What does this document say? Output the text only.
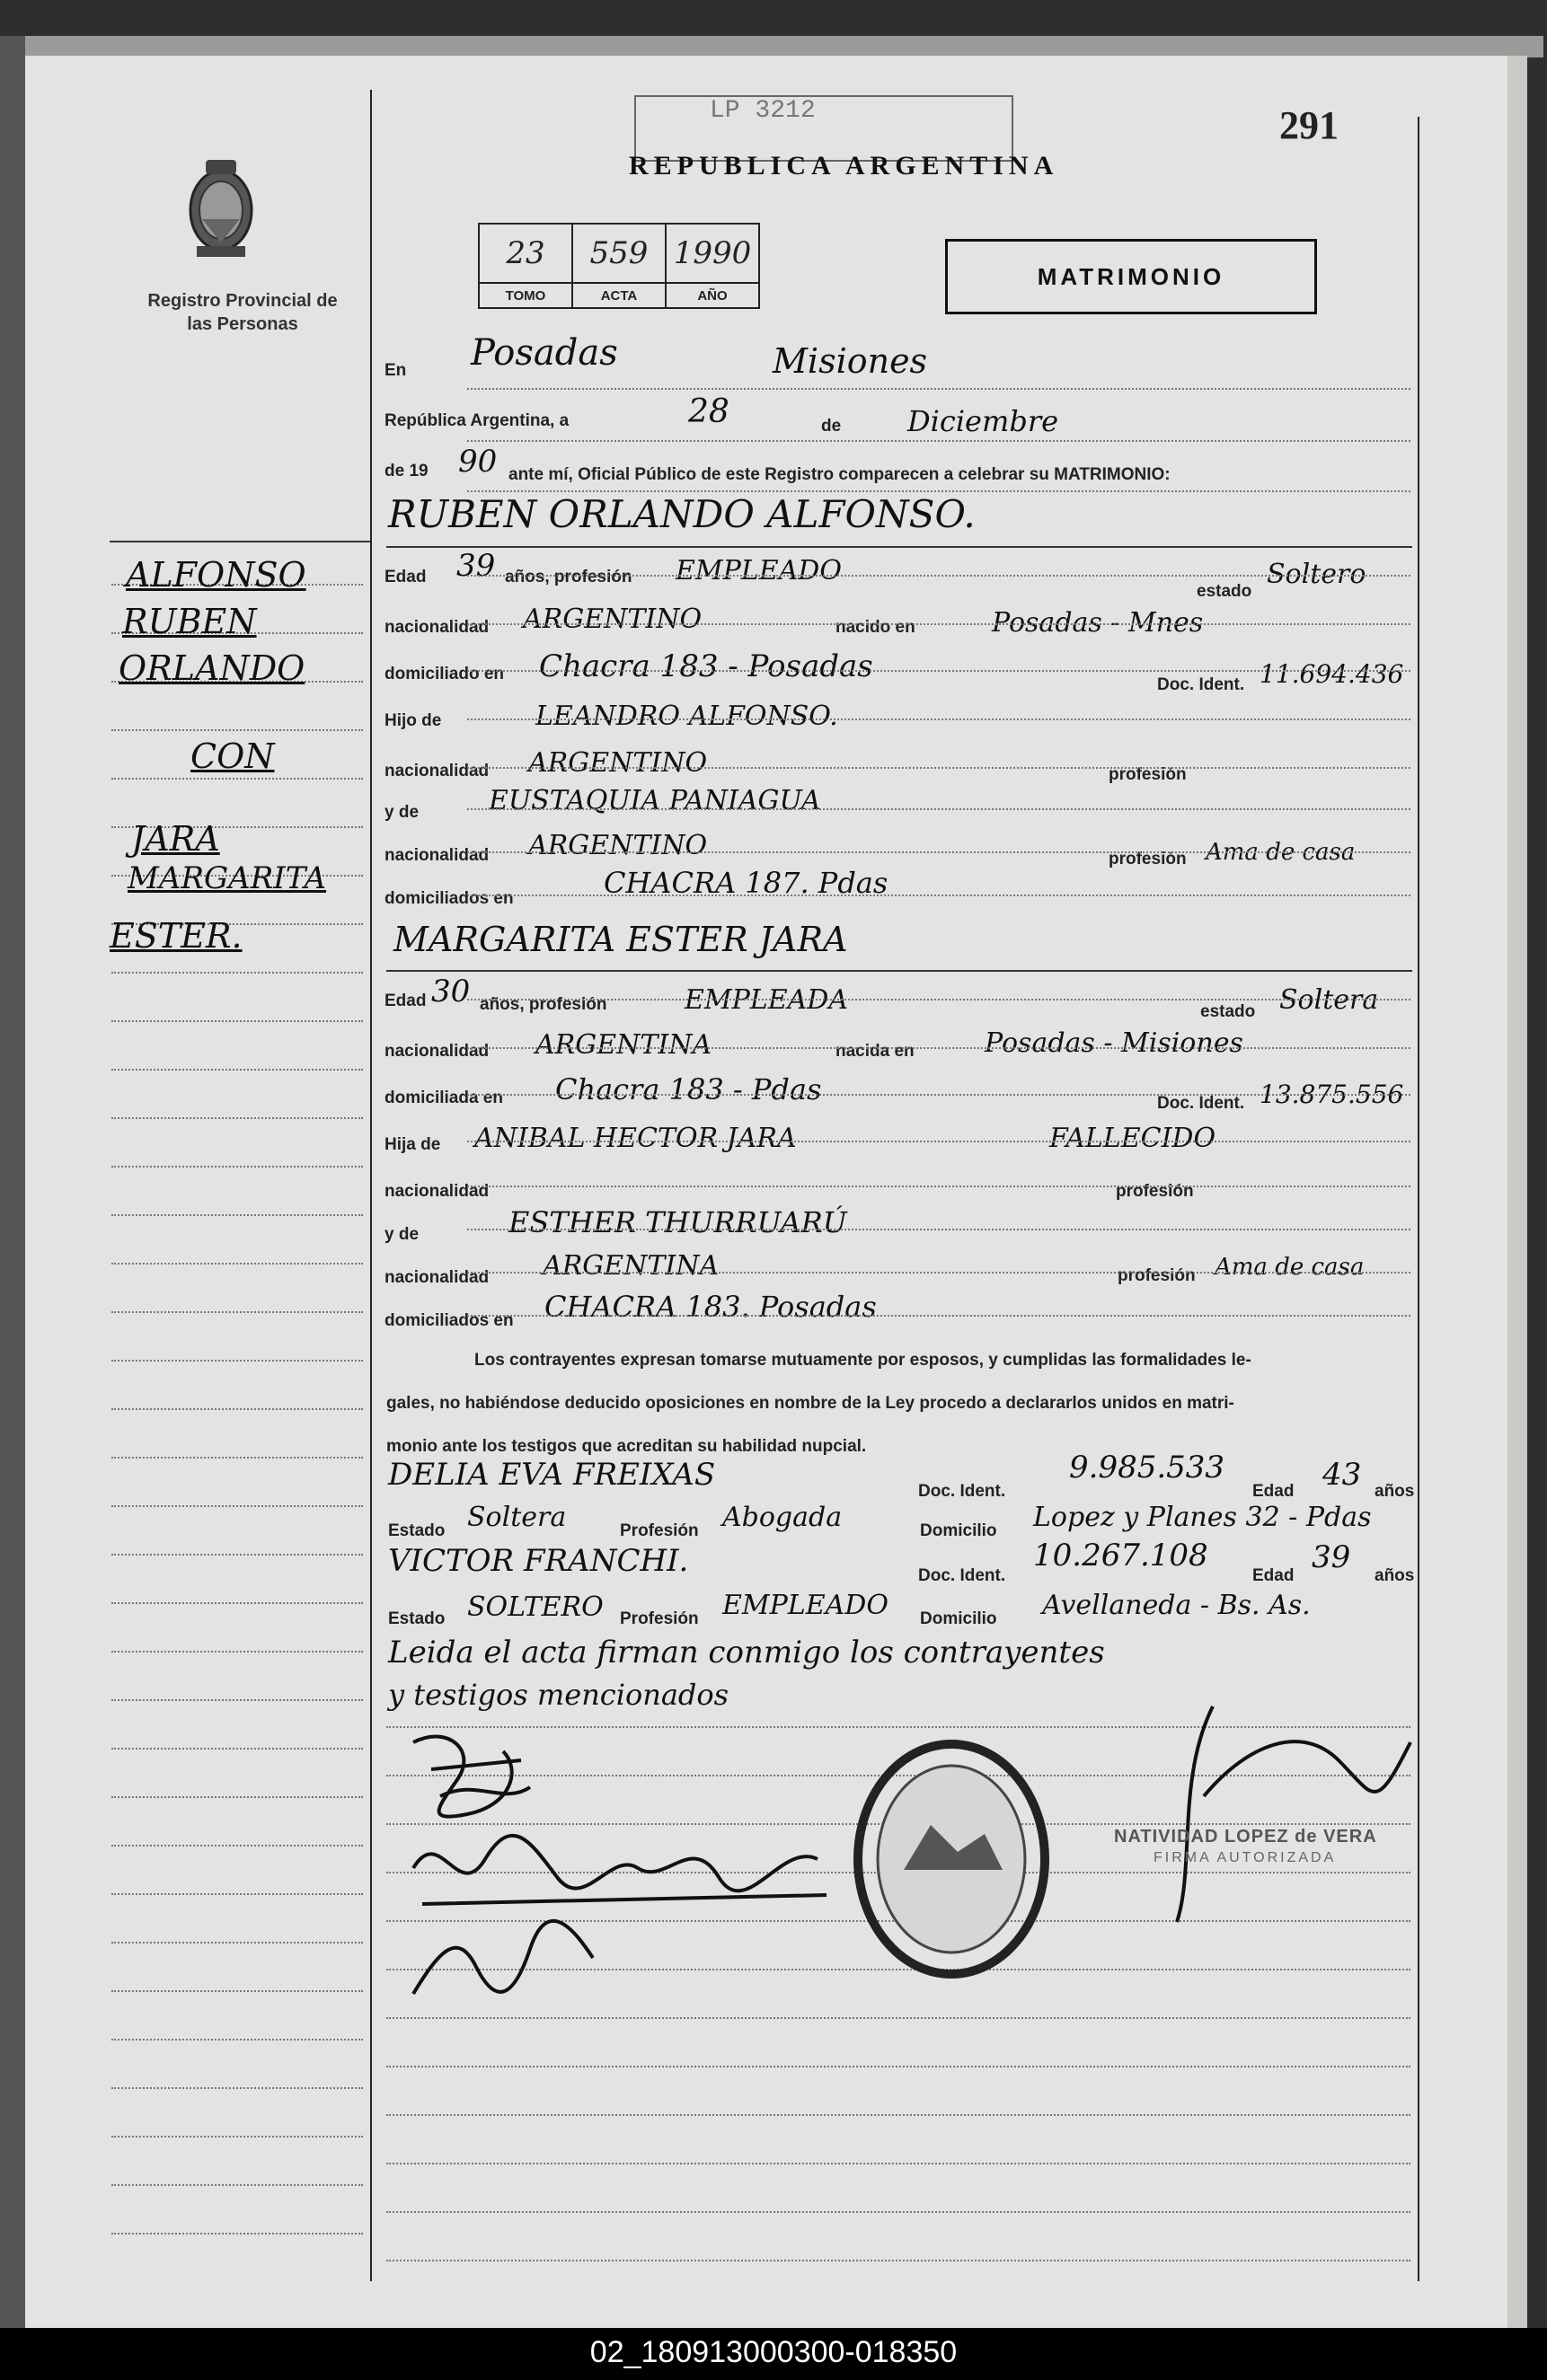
Registro Provincial de las Personas
LP 3212
REPUBLICA ARGENTINA
291
23	559	1990
TOMO	ACTA	AÑO
MATRIMONIO
ALFONSO
RUBEN
ORLANDO
CON
JARA
MARGARITA
ESTER.
En Posadas	Misiones
República Argentina, a	28	de Diciembre
de 19 90 ante mí, Oficial Público de este Registro comparecen a celebrar su MATRIMONIO:
RUBEN ORLANDO ALFONSO.
Edad 39 años, profesión EMPLEADO
estado
Soltero
nacionalidad ARGENTINO	nacido en	Posadas - Mnes
domiciliado en Chacra 183 - Posadas
Doc. Ident. 11.694.436
Hijo de	LEANDRO ALFONSO.
nacionalidad ARGENTINO	profesión
y de	EUSTAQUIA PANIAGUA
nacionalidad ARGENTINO	profesión Ama de casa
domiciliados en	CHACRA 187. Pdas
MARGARITA ESTER JARA
Edad 30 años, profesión	EMPLEADA	estado Soltera
nacionalidad ARGENTINA	nacida en	Posadas - Misiones
domiciliada en Chacra 183 - Pdas	Doc. Ident. 13.875.556
Hija de ANIBAL HECTOR JARA	FALLECIDO
nacionalidad	profesión
y de	ESTHER THURRUARÚ
nacionalidad ARGENTINA	profesión Ama de casa
domiciliados en CHACRA 183. Posadas
DELIA EVA FREIXAS	Doc. Ident.
9.985.533
Edad 43 años
Estado Soltera	Profesión Abogada	Domicilio Lopez y Planes 32 - Pdas
VICTOR FRANCHI.	Doc. Ident.
10.267.108
Edad
39
años
Estado SOLTERO Profesión EMPLEADO Domicilio Avellaneda - Bs. As.
Leida el acta firman conmigo los contrayentes
y testigos mencionados
Los contrayentes expresan tomarse mutuamente por esposos, y cumplidas las formalidades le-
gales, no habiéndose deducido oposiciones en nombre de la Ley procedo a declararlos unidos en matri-
monio ante los testigos que acreditan su habilidad nupcial.
NATIVIDAD LOPEZ de VERA
FIRMA AUTORIZADA
02_180913000300-018350
